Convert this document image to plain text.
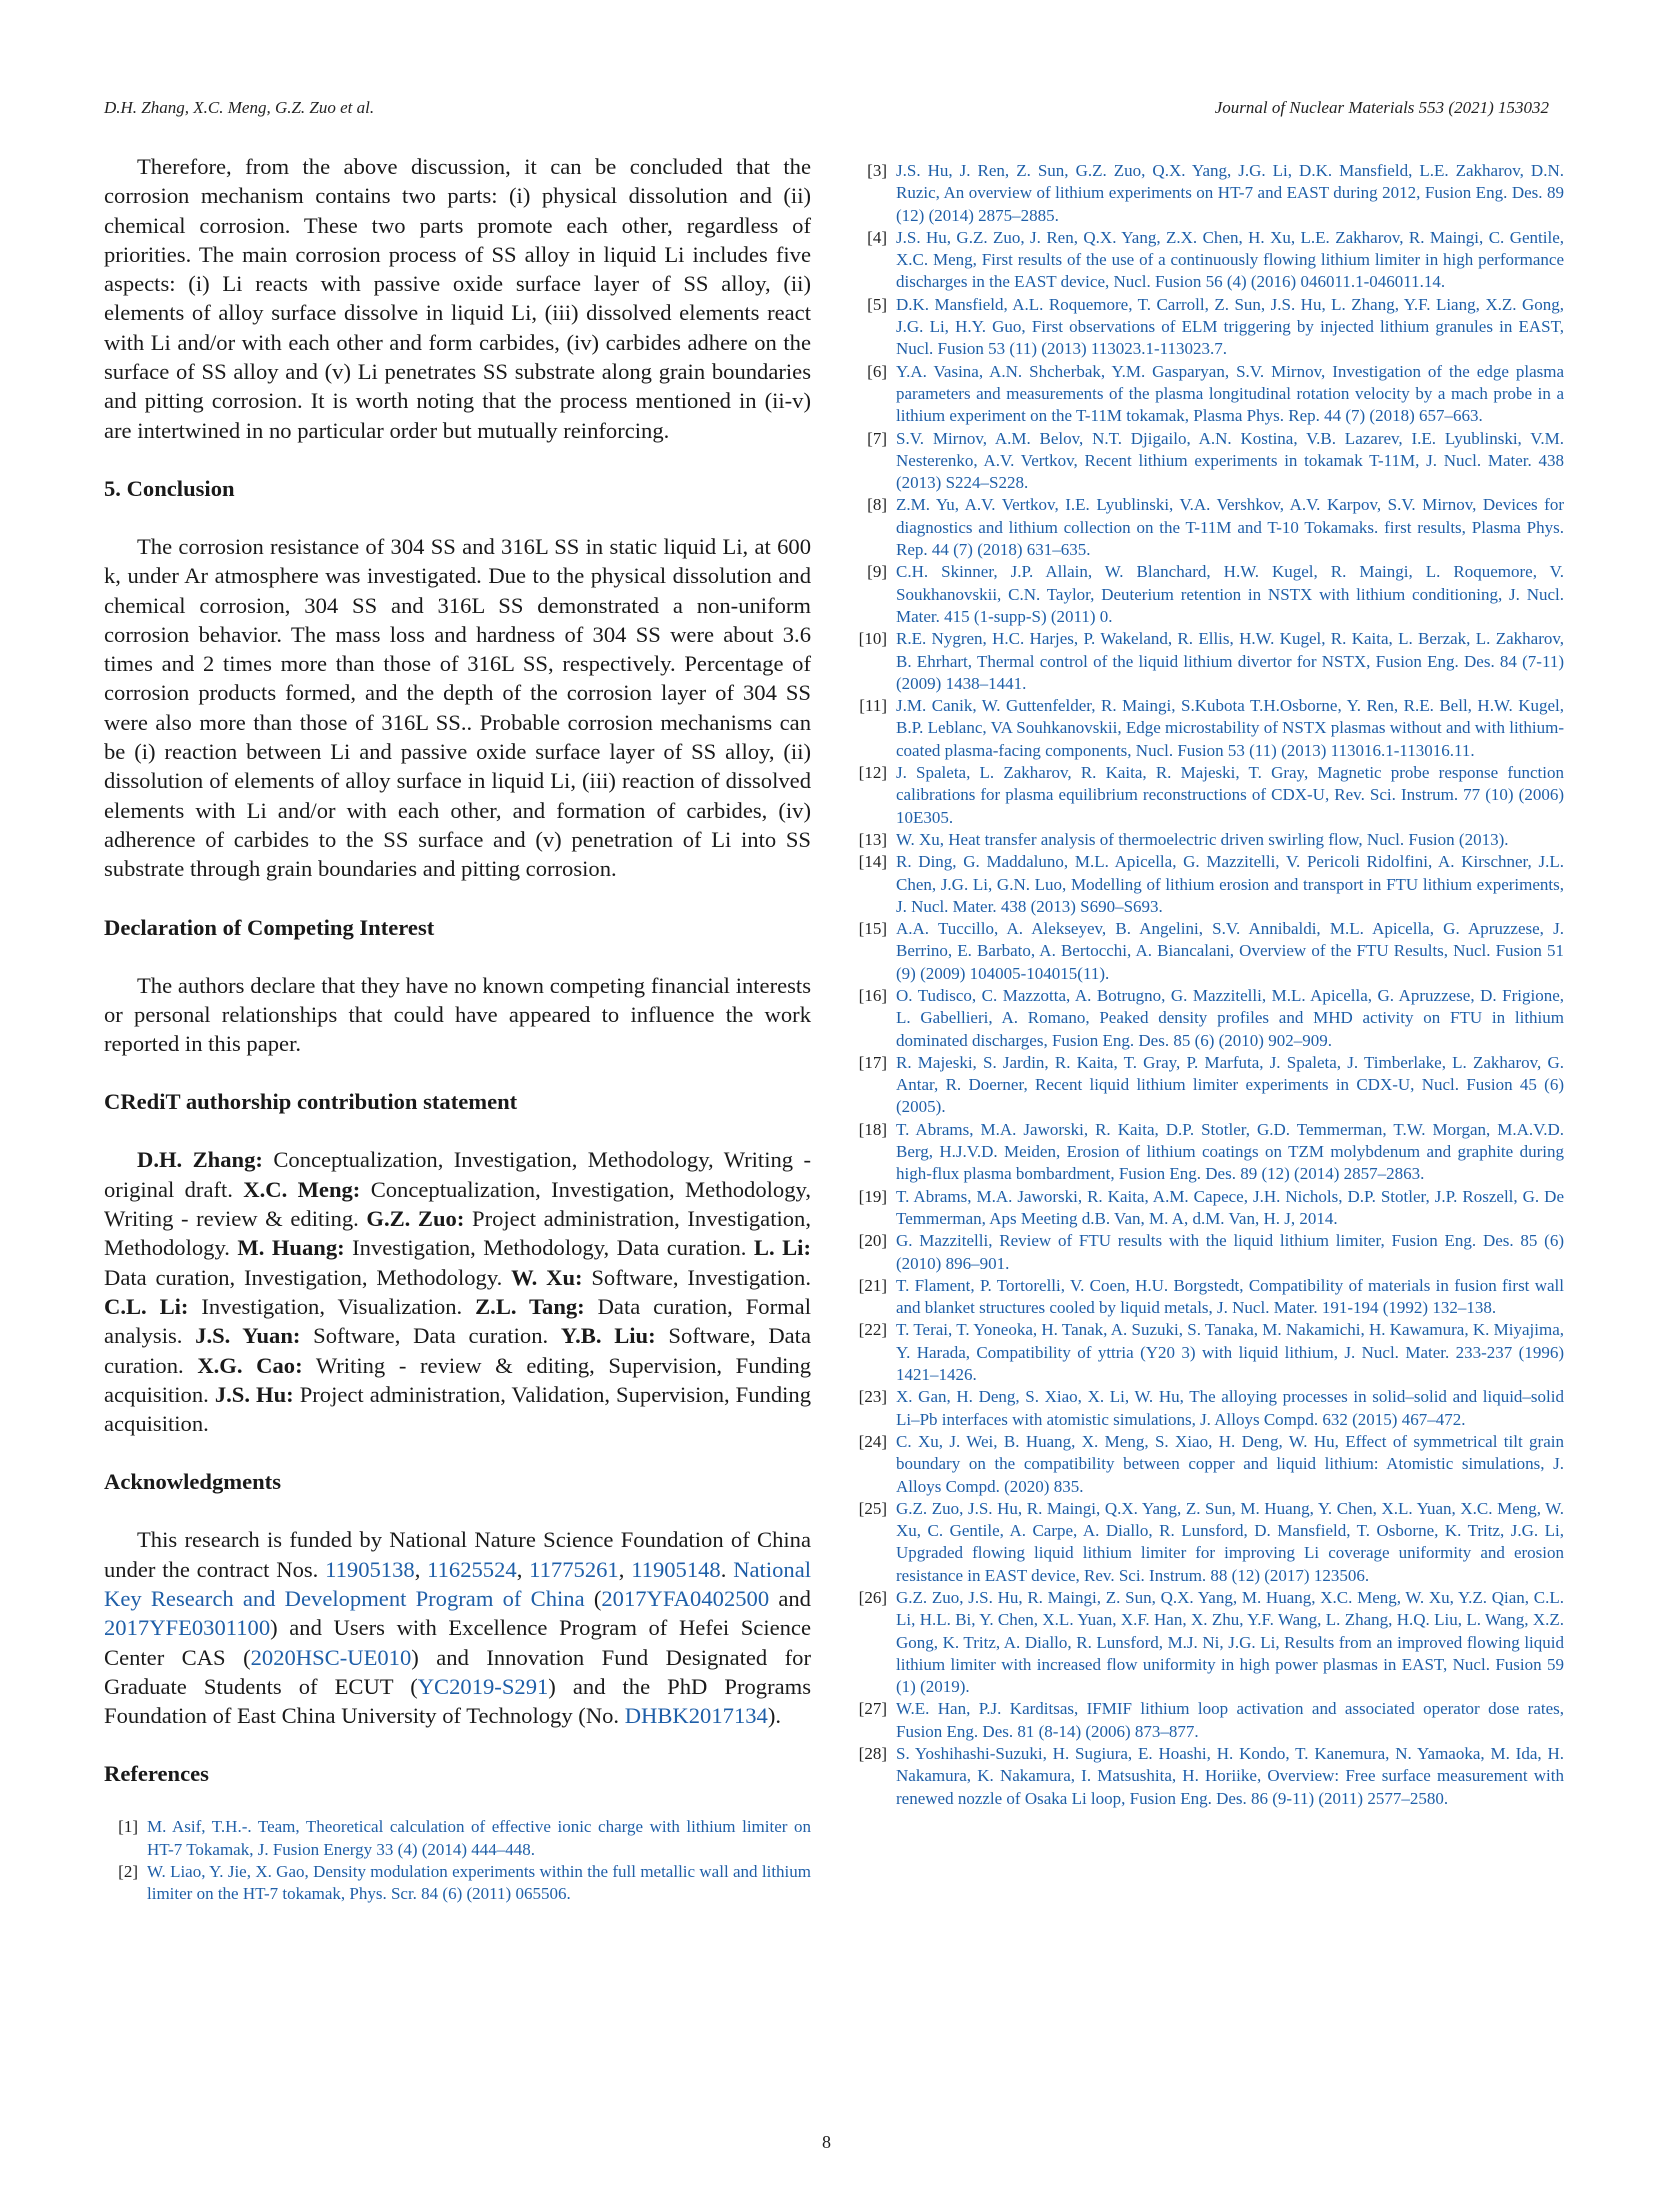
D.H. Zhang, X.C. Meng, G.Z. Zuo et al.	Journal of Nuclear Materials 553 (2021) 153032

Therefore, from the above discussion, it can be concluded that the corrosion mechanism contains two parts: (i) physical dissolution and (ii) chemical corrosion. These two parts promote each other, regardless of priorities. The main corrosion process of SS alloy in liquid Li includes five aspects: (i) Li reacts with passive oxide surface layer of SS alloy, (ii) elements of alloy surface dissolve in liquid Li, (iii) dissolved elements react with Li and/or with each other and form carbides, (iv) carbides adhere on the surface of SS alloy and (v) Li penetrates SS substrate along grain boundaries and pitting corrosion. It is worth noting that the process mentioned in (ii-v) are intertwined in no particular order but mutually reinforcing.

5. Conclusion

The corrosion resistance of 304 SS and 316L SS in static liquid Li, at 600 k, under Ar atmosphere was investigated. Due to the physical dissolution and chemical corrosion, 304 SS and 316L SS demonstrated a non-uniform corrosion behavior. The mass loss and hardness of 304 SS were about 3.6 times and 2 times more than those of 316L SS, respectively. Percentage of corrosion products formed, and the depth of the corrosion layer of 304 SS were also more than those of 316L SS.. Probable corrosion mechanisms can be (i) reaction between Li and passive oxide surface layer of SS alloy, (ii) dissolution of elements of alloy surface in liquid Li, (iii) reaction of dissolved elements with Li and/or with each other, and formation of carbides, (iv) adherence of carbides to the SS surface and (v) penetration of Li into SS substrate through grain boundaries and pitting corrosion.

Declaration of Competing Interest

The authors declare that they have no known competing financial interests or personal relationships that could have appeared to influence the work reported in this paper.

CRediT authorship contribution statement

D.H. Zhang: Conceptualization, Investigation, Methodology, Writing - original draft. X.C. Meng: Conceptualization, Investigation, Methodology, Writing - review & editing. G.Z. Zuo: Project administration, Investigation, Methodology. M. Huang: Investigation, Methodology, Data curation. L. Li: Data curation, Investigation, Methodology. W. Xu: Software, Investigation. C.L. Li: Investigation, Visualization. Z.L. Tang: Data curation, Formal analysis. J.S. Yuan: Software, Data curation. Y.B. Liu: Software, Data curation. X.G. Cao: Writing - review & editing, Supervision, Funding acquisition. J.S. Hu: Project administration, Validation, Supervision, Funding acquisition.

Acknowledgments

This research is funded by National Nature Science Foundation of China under the contract Nos. 11905138, 11625524, 11775261, 11905148. National Key Research and Development Program of China (2017YFA0402500 and 2017YFE0301100) and Users with Excellence Program of Hefei Science Center CAS (2020HSC-UE010) and Innovation Fund Designated for Graduate Students of ECUT (YC2019-S291) and the PhD Programs Foundation of East China University of Technology (No. DHBK2017134).

References
[1] M. Asif, T.H.-. Team, Theoretical calculation of effective ionic charge with lithium limiter on HT-7 Tokamak, J. Fusion Energy 33 (4) (2014) 444–448.
[2] W. Liao, Y. Jie, X. Gao, Density modulation experiments within the full metallic wall and lithium limiter on the HT-7 tokamak, Phys. Scr. 84 (6) (2011) 065506.
[3] J.S. Hu, J. Ren, Z. Sun, G.Z. Zuo, Q.X. Yang, J.G. Li, D.K. Mansfield, L.E. Zakharov, D.N. Ruzic, An overview of lithium experiments on HT-7 and EAST during 2012, Fusion Eng. Des. 89 (12) (2014) 2875–2885.
[4] J.S. Hu, G.Z. Zuo, J. Ren, Q.X. Yang, Z.X. Chen, H. Xu, L.E. Zakharov, R. Maingi, C. Gentile, X.C. Meng, First results of the use of a continuously flowing lithium limiter in high performance discharges in the EAST device, Nucl. Fusion 56 (4) (2016) 046011.1-046011.14.
[5] D.K. Mansfield, A.L. Roquemore, T. Carroll, Z. Sun, J.S. Hu, L. Zhang, Y.F. Liang, X.Z. Gong, J.G. Li, H.Y. Guo, First observations of ELM triggering by injected lithium granules in EAST, Nucl. Fusion 53 (11) (2013) 113023.1-113023.7.
[6] Y.A. Vasina, A.N. Shcherbak, Y.M. Gasparyan, S.V. Mirnov, Investigation of the edge plasma parameters and measurements of the plasma longitudinal rotation velocity by a mach probe in a lithium experiment on the T-11M tokamak, Plasma Phys. Rep. 44 (7) (2018) 657–663.
[7] S.V. Mirnov, A.M. Belov, N.T. Djigailo, A.N. Kostina, V.B. Lazarev, I.E. Lyublinski, V.M. Nesterenko, A.V. Vertkov, Recent lithium experiments in tokamak T-11M, J. Nucl. Mater. 438 (2013) S224–S228.
[8] Z.M. Yu, A.V. Vertkov, I.E. Lyublinski, V.A. Vershkov, A.V. Karpov, S.V. Mirnov, Devices for diagnostics and lithium collection on the T-11M and T-10 Tokamaks. first results, Plasma Phys. Rep. 44 (7) (2018) 631–635.
[9] C.H. Skinner, J.P. Allain, W. Blanchard, H.W. Kugel, R. Maingi, L. Roquemore, V. Soukhanovskii, C.N. Taylor, Deuterium retention in NSTX with lithium conditioning, J. Nucl. Mater. 415 (1-supp-S) (2011) 0.
[10] R.E. Nygren, H.C. Harjes, P. Wakeland, R. Ellis, H.W. Kugel, R. Kaita, L. Berzak, L. Zakharov, B. Ehrhart, Thermal control of the liquid lithium divertor for NSTX, Fusion Eng. Des. 84 (7-11) (2009) 1438–1441.
[11] J.M. Canik, W. Guttenfelder, R. Maingi, S.Kubota T.H.Osborne, Y. Ren, R.E. Bell, H.W. Kugel, B.P. Leblanc, VA Souhkanovskii, Edge microstability of NSTX plasmas without and with lithium-coated plasma-facing components, Nucl. Fusion 53 (11) (2013) 113016.1-113016.11.
[12] J. Spaleta, L. Zakharov, R. Kaita, R. Majeski, T. Gray, Magnetic probe response function calibrations for plasma equilibrium reconstructions of CDX-U, Rev. Sci. Instrum. 77 (10) (2006) 10E305.
[13] W. Xu, Heat transfer analysis of thermoelectric driven swirling flow, Nucl. Fusion (2013).
[14] R. Ding, G. Maddaluno, M.L. Apicella, G. Mazzitelli, V. Pericoli Ridolfini, A. Kirschner, J.L. Chen, J.G. Li, G.N. Luo, Modelling of lithium erosion and transport in FTU lithium experiments, J. Nucl. Mater. 438 (2013) S690–S693.
[15] A.A. Tuccillo, A. Alekseyev, B. Angelini, S.V. Annibaldi, M.L. Apicella, G. Apruzzese, J. Berrino, E. Barbato, A. Bertocchi, A. Biancalani, Overview of the FTU Results, Nucl. Fusion 51 (9) (2009) 104005-104015(11).
[16] O. Tudisco, C. Mazzotta, A. Botrugno, G. Mazzitelli, M.L. Apicella, G. Apruzzese, D. Frigione, L. Gabellieri, A. Romano, Peaked density profiles and MHD activity on FTU in lithium dominated discharges, Fusion Eng. Des. 85 (6) (2010) 902–909.
[17] R. Majeski, S. Jardin, R. Kaita, T. Gray, P. Marfuta, J. Spaleta, J. Timberlake, L. Zakharov, G. Antar, R. Doerner, Recent liquid lithium limiter experiments in CDX-U, Nucl. Fusion 45 (6) (2005).
[18] T. Abrams, M.A. Jaworski, R. Kaita, D.P. Stotler, G.D. Temmerman, T.W. Morgan, M.A.V.D. Berg, H.J.V.D. Meiden, Erosion of lithium coatings on TZM molybdenum and graphite during high-flux plasma bombardment, Fusion Eng. Des. 89 (12) (2014) 2857–2863.
[19] T. Abrams, M.A. Jaworski, R. Kaita, A.M. Capece, J.H. Nichols, D.P. Stotler, J.P. Roszell, G. De Temmerman, Aps Meeting d.B. Van, M. A, d.M. Van, H. J, 2014.
[20] G. Mazzitelli, Review of FTU results with the liquid lithium limiter, Fusion Eng. Des. 85 (6) (2010) 896–901.
[21] T. Flament, P. Tortorelli, V. Coen, H.U. Borgstedt, Compatibility of materials in fusion first wall and blanket structures cooled by liquid metals, J. Nucl. Mater. 191-194 (1992) 132–138.
[22] T. Terai, T. Yoneoka, H. Tanak, A. Suzuki, S. Tanaka, M. Nakamichi, H. Kawamura, K. Miyajima, Y. Harada, Compatibility of yttria (Y20 3) with liquid lithium, J. Nucl. Mater. 233-237 (1996) 1421–1426.
[23] X. Gan, H. Deng, S. Xiao, X. Li, W. Hu, The alloying processes in solid–solid and liquid–solid Li–Pb interfaces with atomistic simulations, J. Alloys Compd. 632 (2015) 467–472.
[24] C. Xu, J. Wei, B. Huang, X. Meng, S. Xiao, H. Deng, W. Hu, Effect of symmetrical tilt grain boundary on the compatibility between copper and liquid lithium: Atomistic simulations, J. Alloys Compd. (2020) 835.
[25] G.Z. Zuo, J.S. Hu, R. Maingi, Q.X. Yang, Z. Sun, M. Huang, Y. Chen, X.L. Yuan, X.C. Meng, W. Xu, C. Gentile, A. Carpe, A. Diallo, R. Lunsford, D. Mansfield, T. Osborne, K. Tritz, J.G. Li, Upgraded flowing liquid lithium limiter for improving Li coverage uniformity and erosion resistance in EAST device, Rev. Sci. Instrum. 88 (12) (2017) 123506.
[26] G.Z. Zuo, J.S. Hu, R. Maingi, Z. Sun, Q.X. Yang, M. Huang, X.C. Meng, W. Xu, Y.Z. Qian, C.L. Li, H.L. Bi, Y. Chen, X.L. Yuan, X.F. Han, X. Zhu, Y.F. Wang, L. Zhang, H.Q. Liu, L. Wang, X.Z. Gong, K. Tritz, A. Diallo, R. Lunsford, M.J. Ni, J.G. Li, Results from an improved flowing liquid lithium limiter with increased flow uniformity in high power plasmas in EAST, Nucl. Fusion 59 (1) (2019).
[27] W.E. Han, P.J. Karditsas, IFMIF lithium loop activation and associated operator dose rates, Fusion Eng. Des. 81 (8-14) (2006) 873–877.
[28] S. Yoshihashi-Suzuki, H. Sugiura, E. Hoashi, H. Kondo, T. Kanemura, N. Yamaoka, M. Ida, H. Nakamura, K. Nakamura, I. Matsushita, H. Horiike, Overview: Free surface measurement with renewed nozzle of Osaka Li loop, Fusion Eng. Des. 86 (9-11) (2011) 2577–2580.
8
